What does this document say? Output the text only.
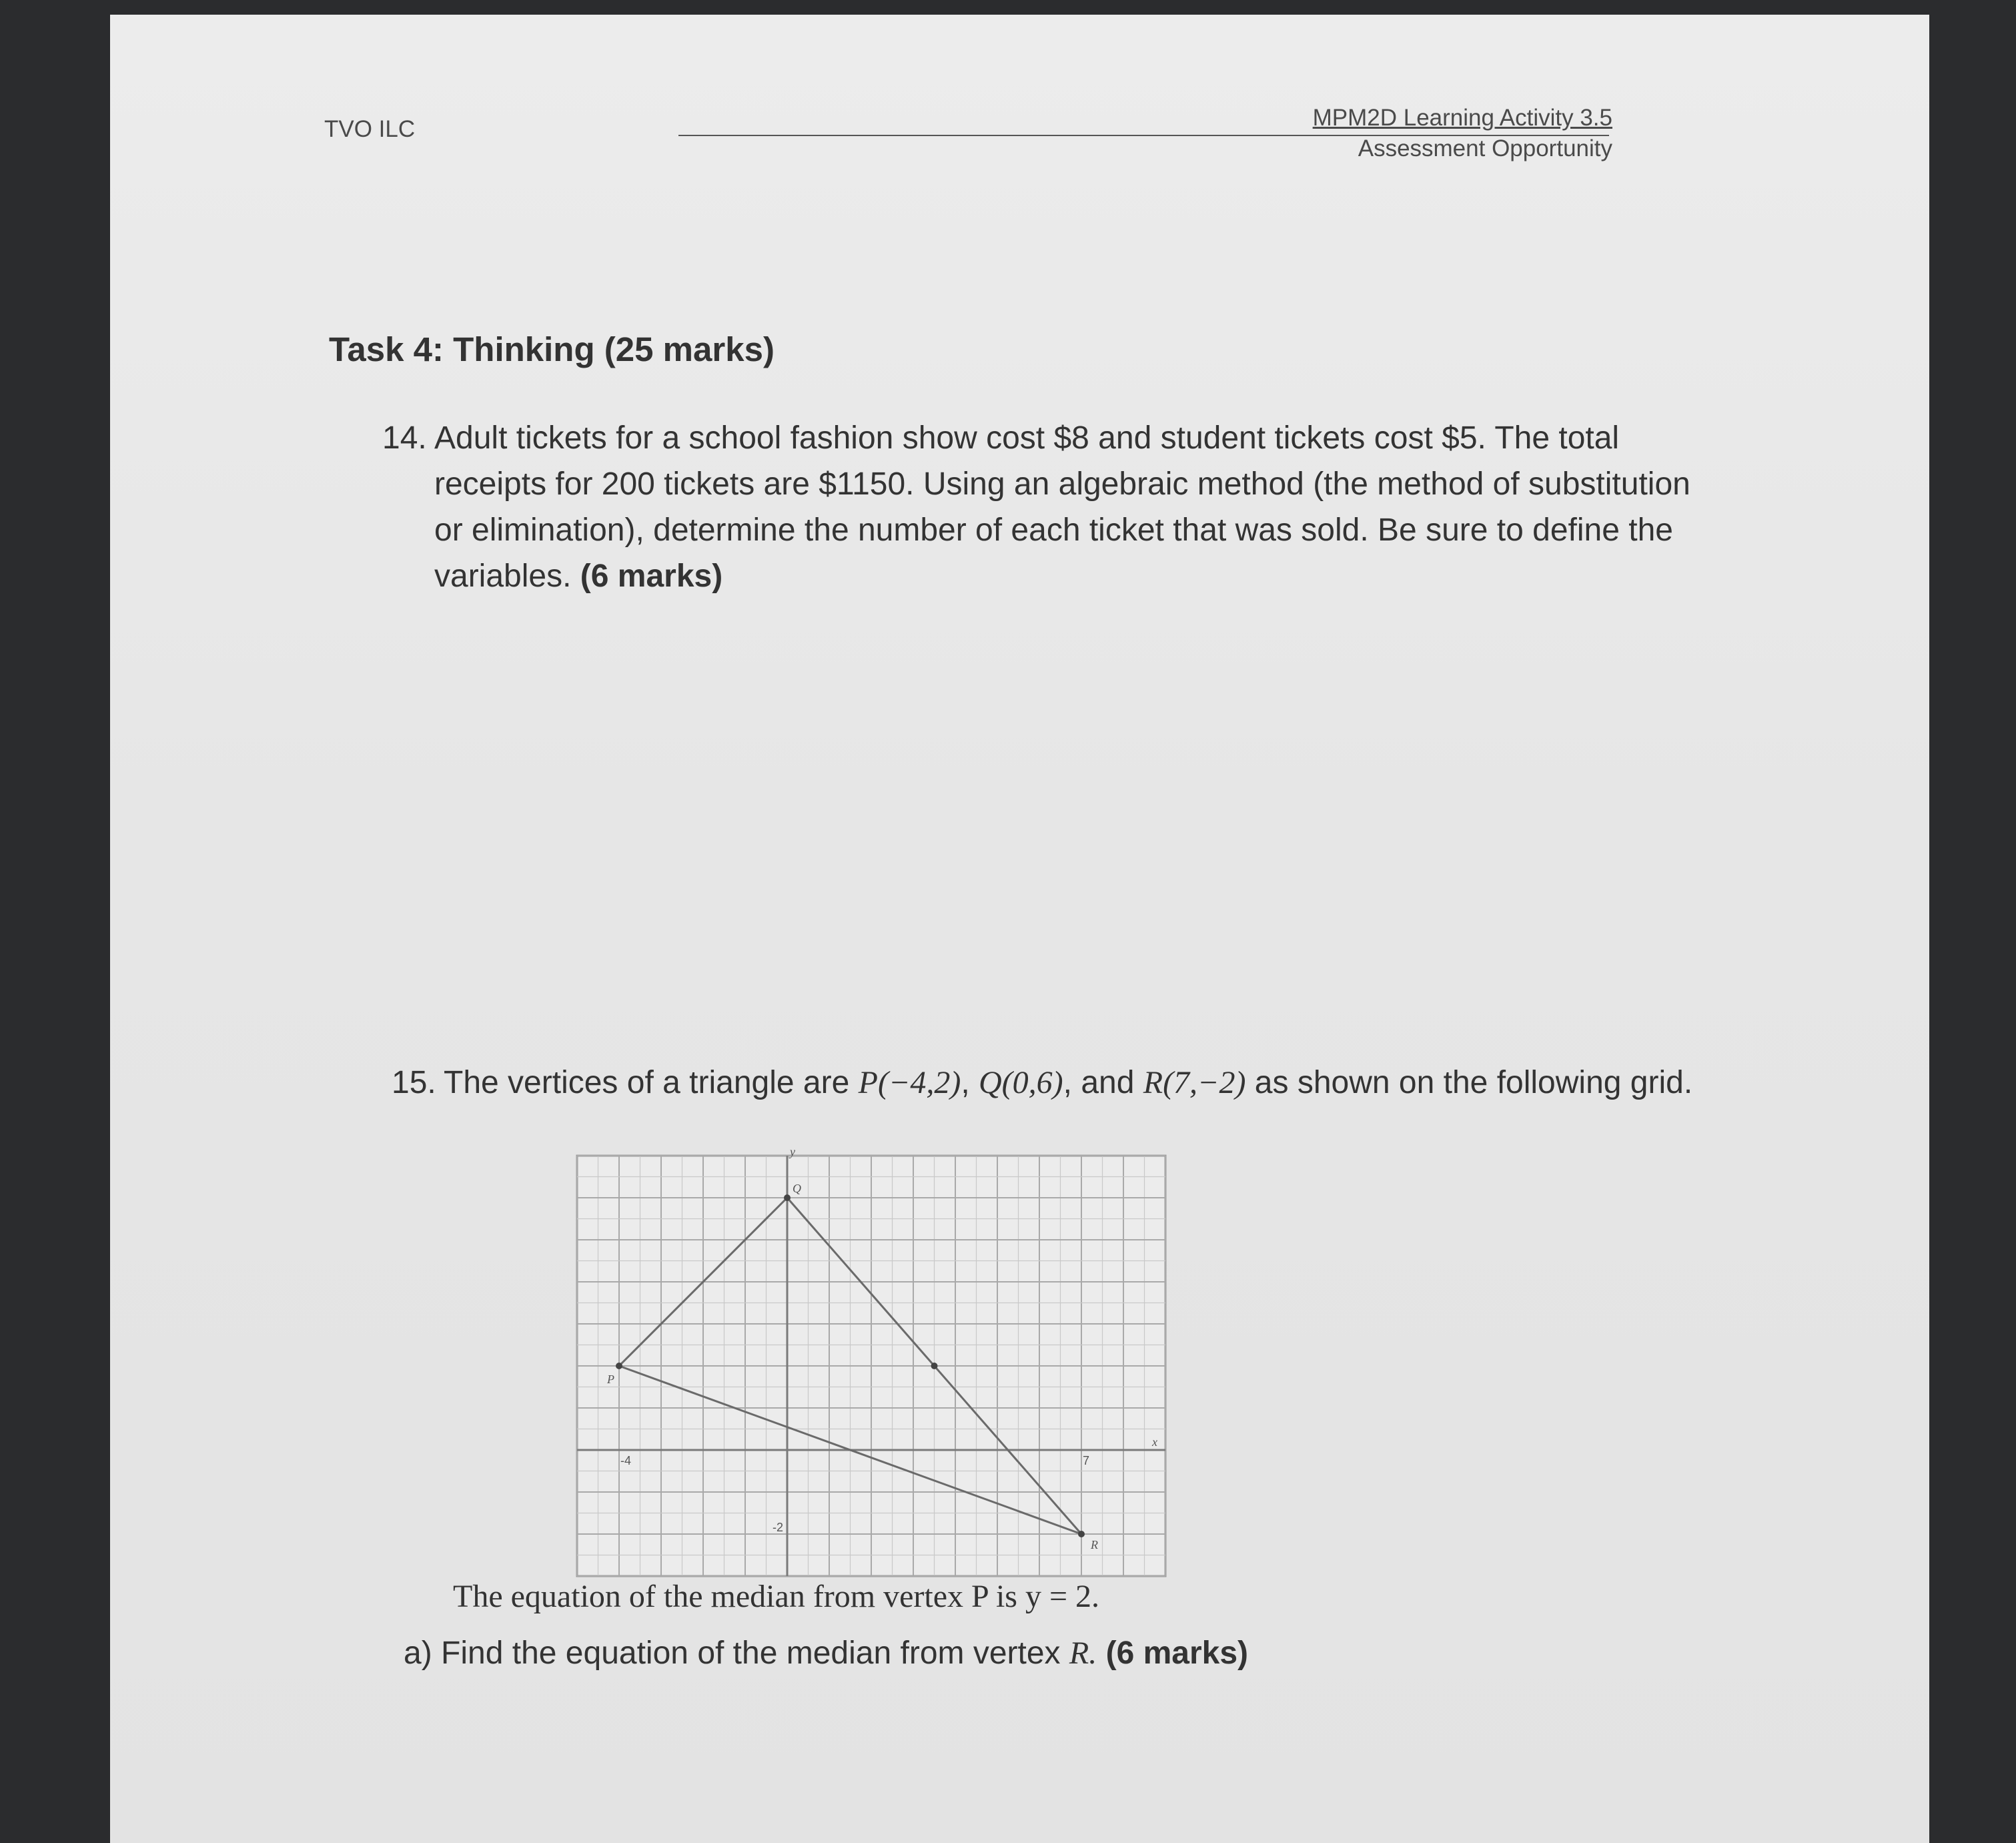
TVO ILC	MPM2D Learning Activity 3.5
Assessment Opportunity
Task 4: Thinking (25 marks)
14. Adult tickets for a school fashion show cost $8 and student tickets cost $5. The total receipts for 200 tickets are $1150. Using an algebraic method (the method of substitution or elimination), determine the number of each ticket that was sold. Be sure to define the variables. (6 marks)
15. The vertices of a triangle are P(−4,2), Q(0,6), and R(7,−2) as shown on the following grid.
x
y
-4	7
-2
P
Q
R
The equation of the median from vertex P is y = 2.
a) Find the equation of the median from vertex R. (6 marks)
